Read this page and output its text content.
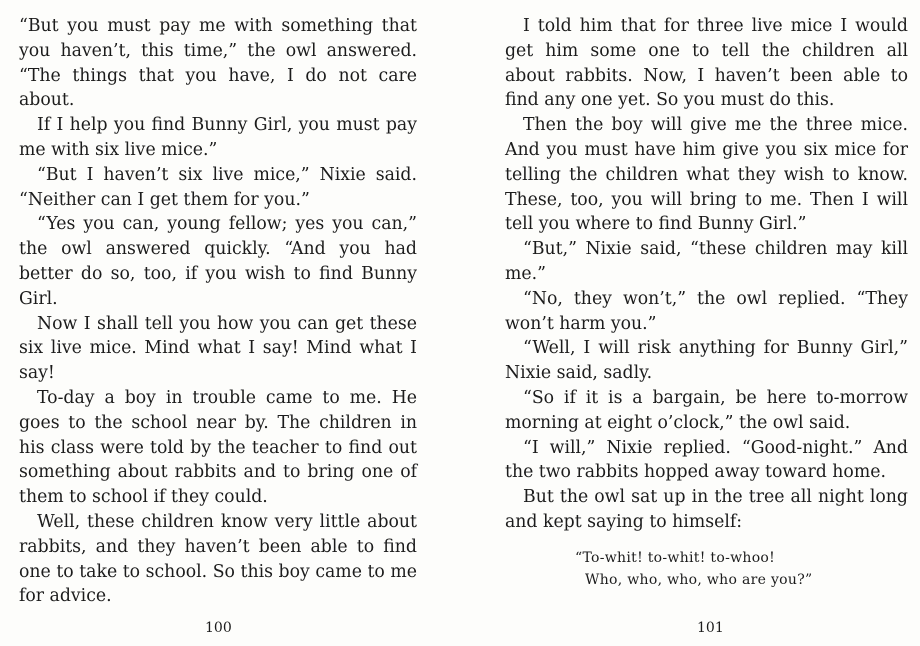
“But you must pay me with something that you haven’t, this time,” the owl answered. “The things that you have, I do not care about.

If I help you find Bunny Girl, you must pay me with six live mice.”

“But I haven’t six live mice,” Nixie said. “Neither can I get them for you.”

“Yes you can, young fellow; yes you can,” the owl answered quickly. “And you had better do so, too, if you wish to find Bunny Girl.

Now I shall tell you how you can get these six live mice. Mind what I say! Mind what I say!

To-day a boy in trouble came to me. He goes to the school near by. The children in his class were told by the teacher to find out something about rabbits and to bring one of them to school if they could.

Well, these children know very little about rabbits, and they haven’t been able to find one to take to school. So this boy came to me for advice.

100

I told him that for three live mice I would get him some one to tell the children all about rabbits. Now, I haven’t been able to find any one yet. So you must do this.

Then the boy will give me the three mice. And you must have him give you six mice for telling the children what they wish to know. These, too, you will bring to me. Then I will tell you where to find Bunny Girl.”

“But,” Nixie said, “these children may kill me.”

“No, they won’t,” the owl replied. “They won’t harm you.”

“Well, I will risk anything for Bunny Girl,” Nixie said, sadly.

“So if it is a bargain, be here to-morrow morning at eight o’clock,” the owl said.

“I will,” Nixie replied. “Good-night.” And the two rabbits hopped away toward home.

But the owl sat up in the tree all night long and kept saying to himself:

“To-whit! to-whit! to-whoo!
Who, who, who, who are you?”
101
